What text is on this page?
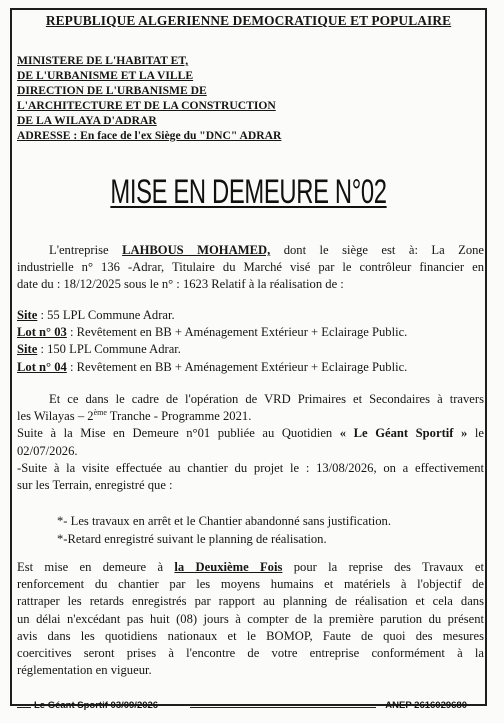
REPUBLIQUE ALGERIENNE DEMOCRATIQUE ET POPULAIRE
MINISTERE DE L'HABITAT ET,
DE L'URBANISME ET LA VILLE
DIRECTION DE L'URBANISME DE
L'ARCHITECTURE ET DE LA CONSTRUCTION
DE LA WILAYA D'ADRAR
ADRESSE : En face de l'ex Siège du "DNC" ADRAR
MISE EN DEMEURE N°02
L'entreprise LAHBOUS MOHAMED, dont le siège est à: La Zone
industrielle n° 136 -Adrar, Titulaire du Marché visé par le contrôleur financier en
date du : 18/12/2025 sous le n° : 1623 Relatif à la réalisation de :
Site : 55 LPL Commune Adrar.
Lot n° 03 : Revêtement en BB + Aménagement Extérieur + Eclairage Public.
Site : 150 LPL Commune Adrar.
Lot n° 04 : Revêtement en BB + Aménagement Extérieur + Eclairage Public.
Et ce dans le cadre de l'opération de VRD Primaires et Secondaires à travers
les Wilayas – 2ème Tranche - Programme 2021.
Suite à la Mise en Demeure n°01 publiée au Quotidien « Le Géant Sportif » le
02/07/2026.
-Suite à la visite effectuée au chantier du projet le : 13/08/2026, on a effectivement
sur les Terrain, enregistré que :
*- Les travaux en arrêt et le Chantier abandonné sans justification.
*-Retard enregistré suivant le planning de réalisation.
Est mise en demeure à la Deuxième Fois pour la reprise des Travaux et
renforcement du chantier par les moyens humains et matériels à l'objectif de
rattraper les retards enregistrés par rapport au planning de réalisation et cela dans
un délai n'excédant pas huit (08) jours à compter de la première parution du présent
avis dans les quotidiens nationaux et le BOMOP, Faute de quoi des mesures
coercitives seront prises à l'encontre de votre entreprise conformément à la
réglementation en vigueur.
Le Géant Sportif 03/09/2026	ANEP 2616029680
